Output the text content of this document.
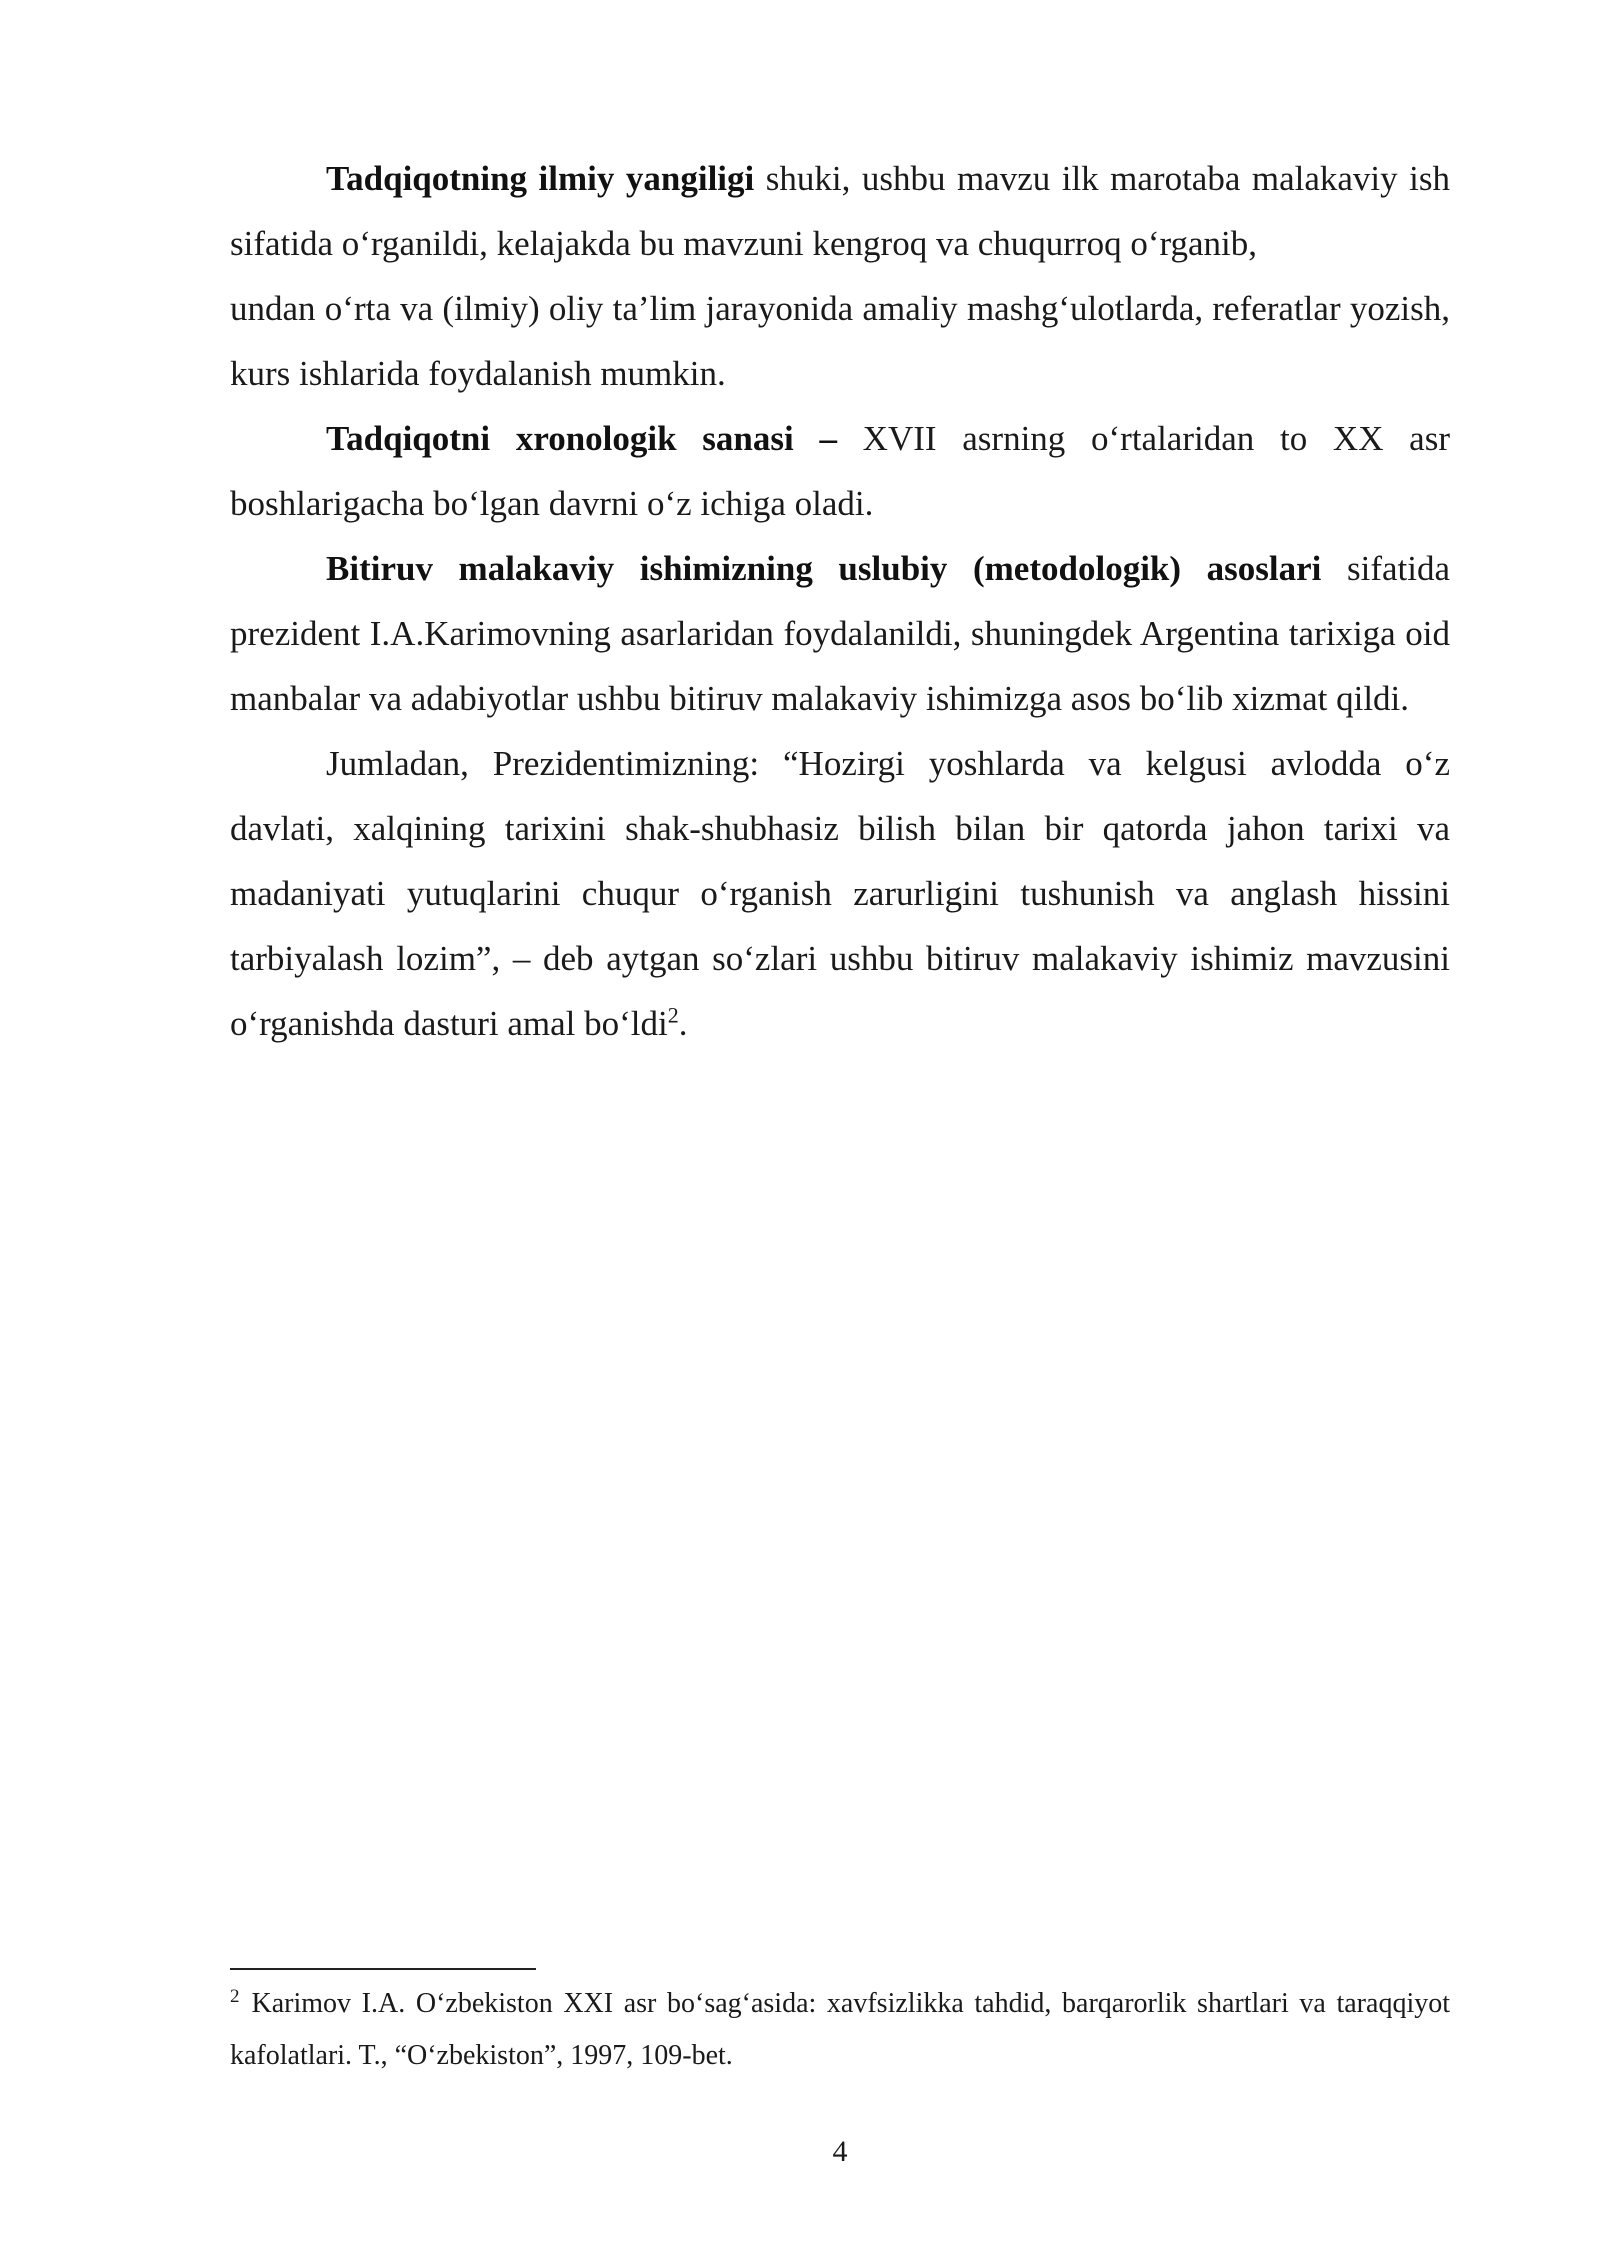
Tadqiqotning ilmiy yangiligi shuki, ushbu mavzu ilk marotaba malakaviy ish sifatida o‘rganildi, kelajakda bu mavzuni kengroq va chuqurroq o‘rganib,

undan o‘rta va (ilmiy) oliy ta’lim jarayonida amaliy mashg‘ulotlarda, referatlar yozish, kurs ishlarida foydalanish mumkin.

Tadqiqotni xronologik sanasi – XVII asrning o‘rtalaridan to XX asr boshlarigacha bo‘lgan davrni o‘z ichiga oladi.

Bitiruv malakaviy ishimizning uslubiy (metodologik) asoslari sifatida prezident I.A.Karimovning asarlaridan foydalanildi, shuningdek Argentina tarixiga oid manbalar va adabiyotlar ushbu bitiruv malakaviy ishimizga asos bo‘lib xizmat qildi.

Jumladan, Prezidentimizning: “Hozirgi yoshlarda va kelgusi avlodda o‘z davlati, xalqining tarixini shak-shubhasiz bilish bilan bir qatorda jahon tarixi va madaniyati yutuqlarini chuqur o‘rganish zarurligini tushunish va anglash hissini tarbiyalash lozim”, – deb aytgan so‘zlari ushbu bitiruv malakaviy ishimiz mavzusini o‘rganishda dasturi amal bo‘ldi$^2$.

$^2$ Karimov I.A. O‘zbekiston XXI asr bo‘sag‘asida: xavfsizlikka tahdid, barqarorlik shartlari va taraqqiyot kafolatlari. T., “O‘zbekiston”, 1997, 109-bet.

4
